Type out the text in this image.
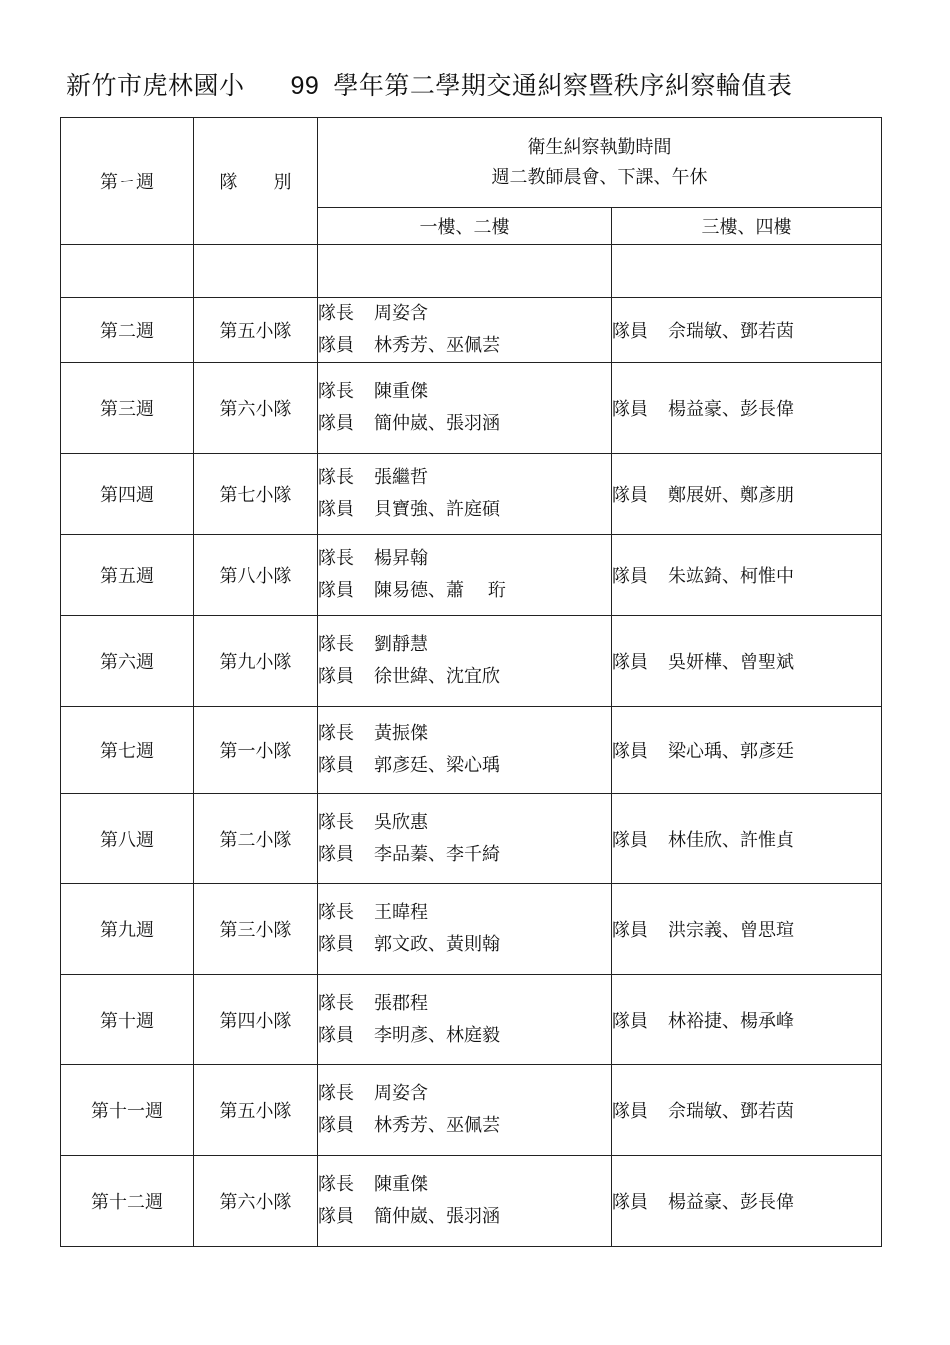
新竹市虎林國小 99 學年第二學期交通糾察暨秩序糾察輪值表
第ㄧ週	隊　　別	衛生糾察執勤時間
週二教師晨會、下課、午休	

		一樓、二樓	三樓、四樓

第二週	第五小隊	隊長 周姿含
隊員 林秀芳、巫佩芸	隊員 佘瑞敏、鄧若茵
第三週	第六小隊	隊長 陳重傑
隊員 簡仲崴、張羽涵	隊員 楊益豪、彭長偉
第四週	第七小隊	隊長 張繼哲
隊員 貝寶強、許庭碩	隊員 鄭展妍、鄭彥朋
第五週	第八小隊	隊長 楊昇翰
隊員 陳易德、蕭　 珩	隊員 朱竑錡、柯惟中
第六週	第九小隊	隊長 劉靜慧
隊員 徐世緯、沈宜欣	隊員 吳妍樺、曾聖斌
第七週	第一小隊	隊長 黃振傑
隊員 郭彥廷、梁心瑀	隊員 梁心瑀、郭彥廷
第八週	第二小隊	隊長 吳欣惠
隊員 李品蓁、李千綺	隊員 林佳欣、許惟貞
第九週	第三小隊	隊長 王暐程
隊員 郭文政、黃則翰	隊員 洪宗義、曾思瑄
第十週	第四小隊	隊長 張郡程
隊員 李明彥、林庭毅	隊員 林裕捷、楊承峰
第十一週	第五小隊	隊長 周姿含
隊員 林秀芳、巫佩芸	隊員 佘瑞敏、鄧若茵
第十二週	第六小隊	隊長 陳重傑
隊員 簡仲崴、張羽涵	隊員 楊益豪、彭長偉
